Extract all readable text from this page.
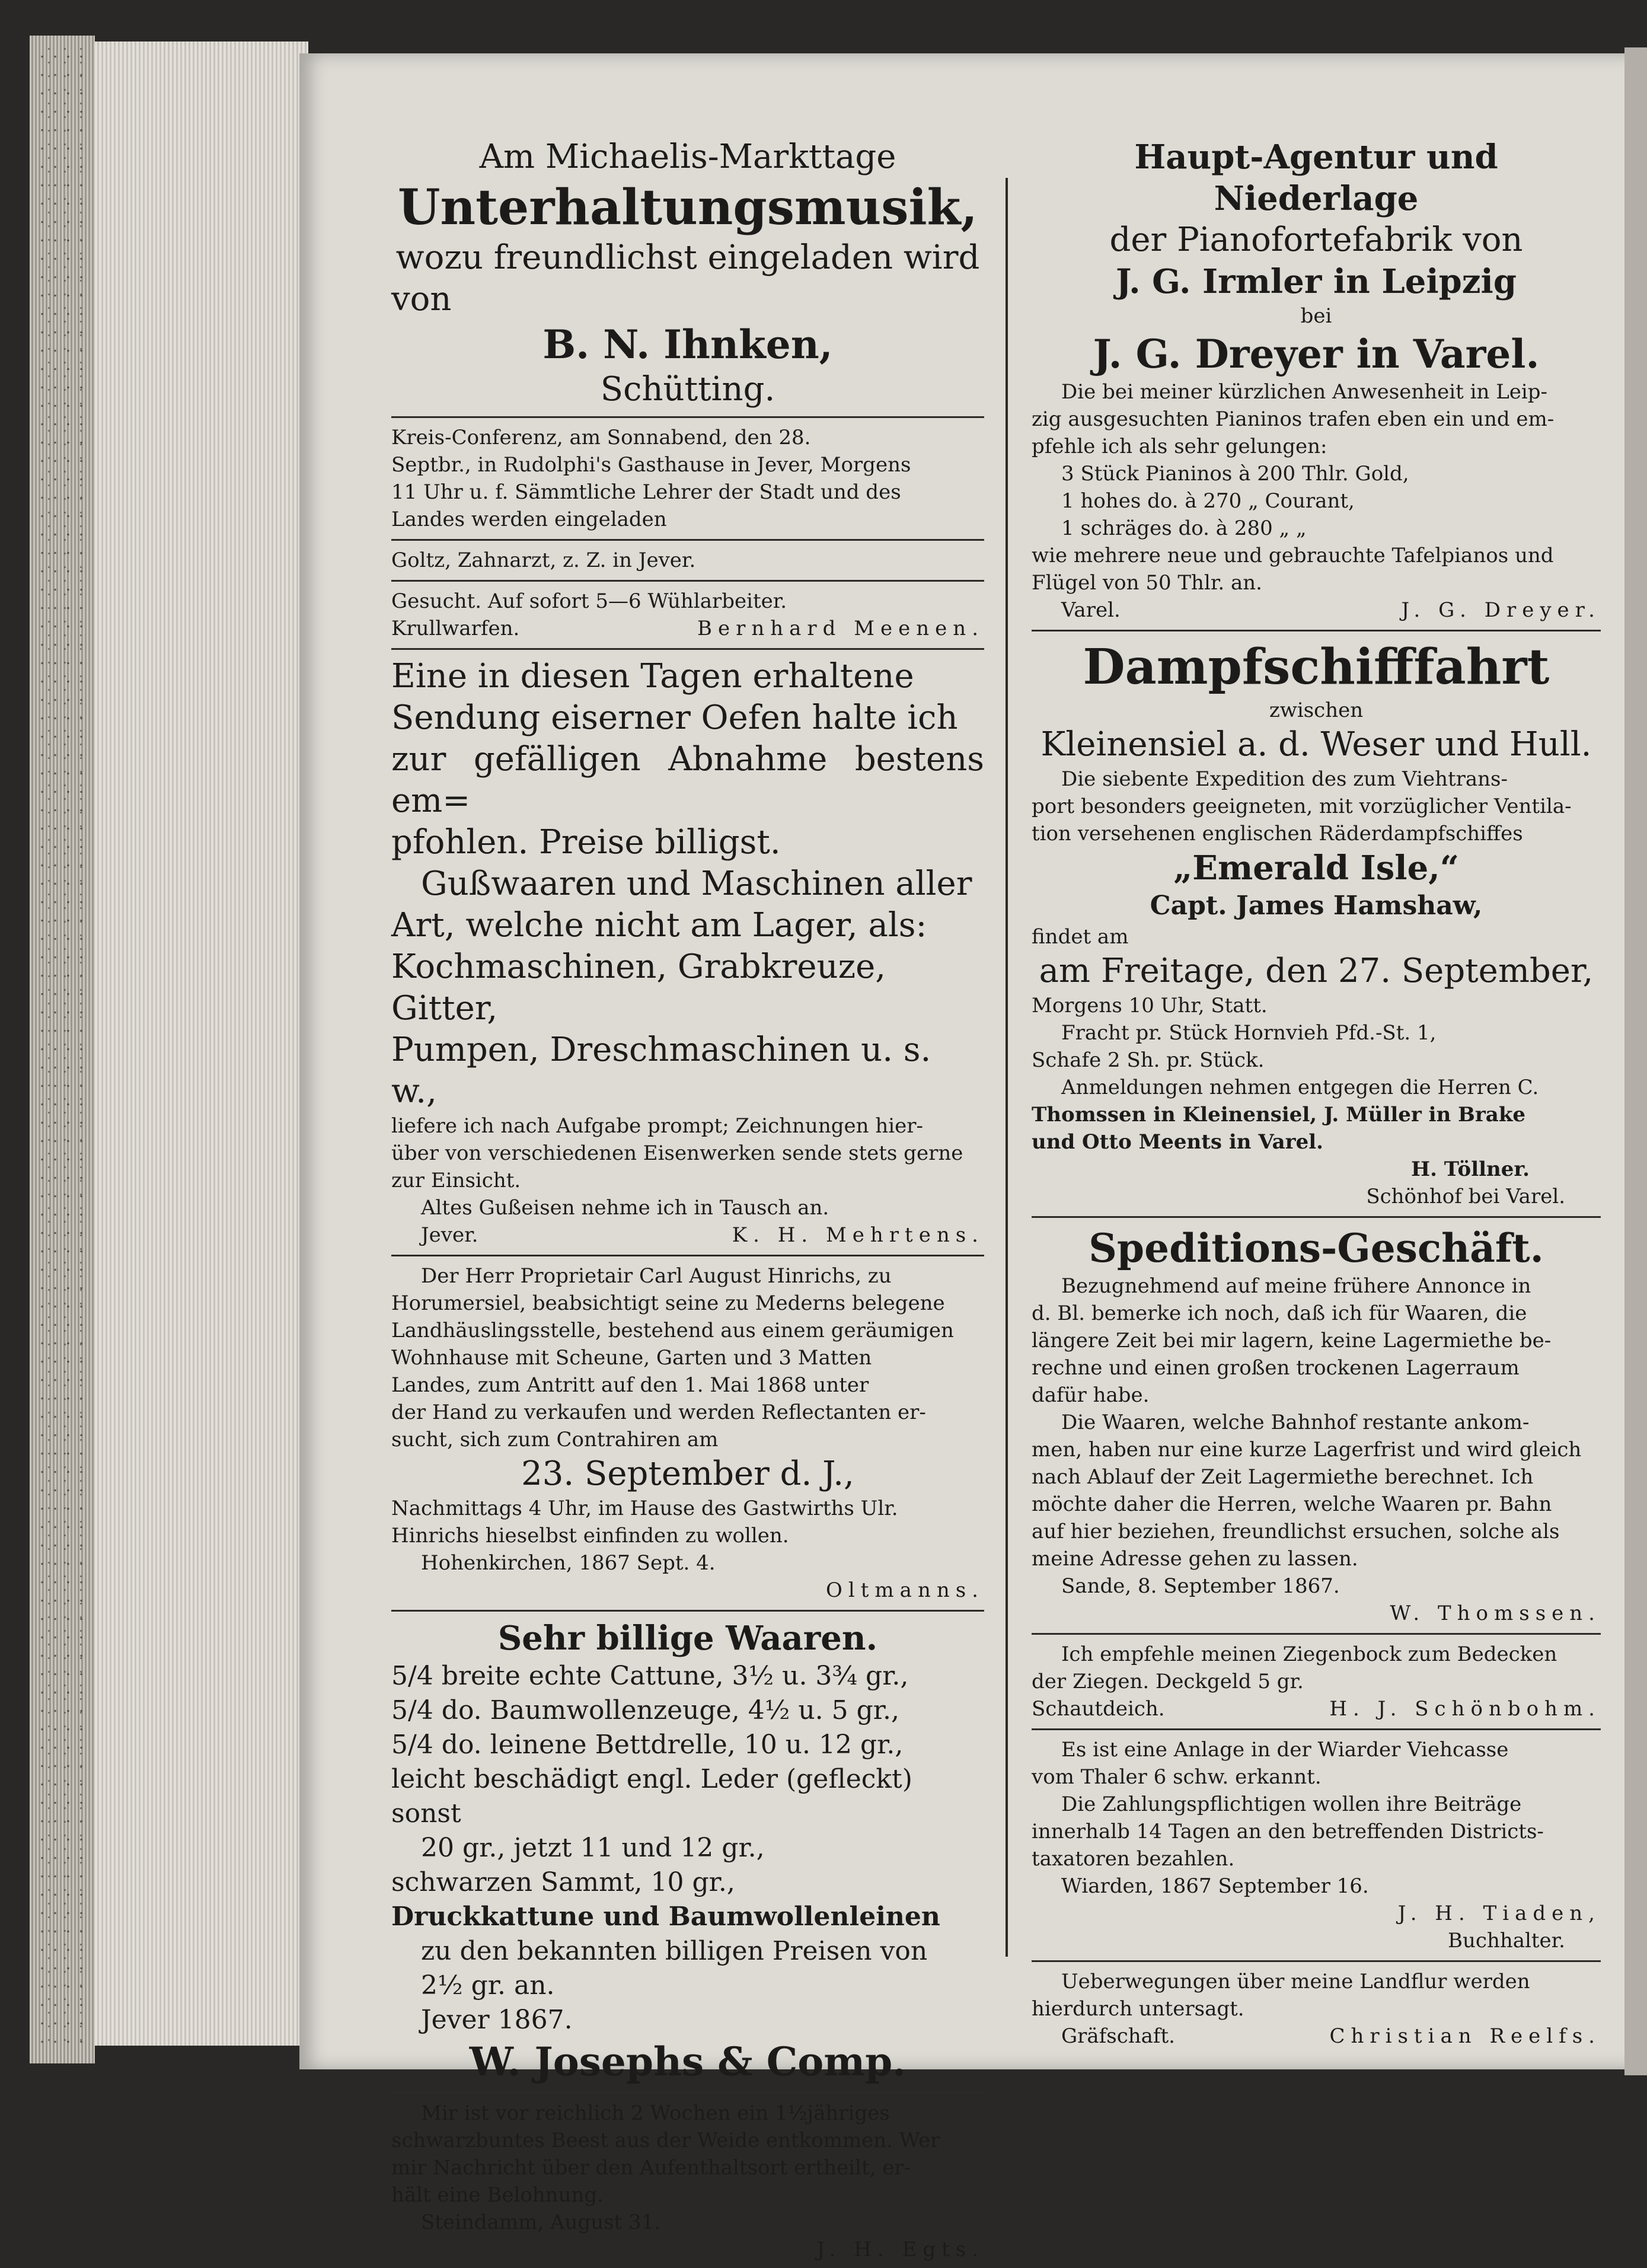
Am Michaelis-Markttage
Unterhaltungsmusik,
wozu freundlichst eingeladen wird
von
B. N. Ihnken,
Schütting.
Kreis-Conferenz, am Sonnabend, den 28.
Septbr., in Rudolphi's Gasthause in Jever, Morgens
11 Uhr u. f. Sämmtliche Lehrer der Stadt und des
Landes werden eingeladen
Goltz, Zahnarzt, z. Z. in Jever.
Gesucht. Auf sofort 5—6 Wühlarbeiter.
Krullwarfen.	Bernhard Meenen.
Eine in diesen Tagen erhaltene
Sendung eiserner Oefen halte ich
zur gefälligen Abnahme bestens em=
pfohlen. Preise billigst.
Gußwaaren und Maschinen aller
Art, welche nicht am Lager, als:
Kochmaschinen, Grabkreuze, Gitter,
Pumpen, Dreschmaschinen u. s. w.,
liefere ich nach Aufgabe prompt; Zeichnungen hier-
über von verschiedenen Eisenwerken sende stets gerne
zur Einsicht.
Altes Gußeisen nehme ich in Tausch an.
Jever.	K. H. Mehrtens.
Der Herr Proprietair Carl August Hinrichs, zu
Horumersiel, beabsichtigt seine zu Mederns belegene
Landhäuslingsstelle, bestehend aus einem geräumigen
Wohnhause mit Scheune, Garten und 3 Matten
Landes, zum Antritt auf den 1. Mai 1868 unter
der Hand zu verkaufen und werden Reflectanten er-
sucht, sich zum Contrahiren am
23. September d. J.,
Nachmittags 4 Uhr, im Hause des Gastwirths Ulr.
Hinrichs hieselbst einfinden zu wollen.
Hohenkirchen, 1867 Sept. 4.
Oltmanns.
Sehr billige Waaren.
5/4 breite echte Cattune, 3½ u. 3¾ gr.,
5/4 do. Baumwollenzeuge, 4½ u. 5 gr.,
5/4 do. leinene Bettdrelle, 10 u. 12 gr.,
leicht beschädigt engl. Leder (gefleckt) sonst
20 gr., jetzt 11 und 12 gr.,
schwarzen Sammt, 10 gr.,
Druckkattune und Baumwollenleinen
zu den bekannten billigen Preisen von
2½ gr. an.
Jever 1867.
W. Josephs & Comp.
Mir ist vor reichlich 2 Wochen ein 1½jähriges
schwarzbuntes Beest aus der Weide entkommen. Wer
mir Nachricht über den Aufenthaltsort ertheilt, er-
hält eine Belohnung.
Steindamm, August 31.
J. H. Egts.
Haupt-Agentur und Niederlage
der Pianofortefabrik von
J. G. Irmler in Leipzig
bei
J. G. Dreyer in Varel.
Die bei meiner kürzlichen Anwesenheit in Leip-
zig ausgesuchten Pianinos trafen eben ein und em-
pfehle ich als sehr gelungen:
3 Stück Pianinos à 200 Thlr. Gold,
1 hohes do. à 270 „ Courant,
1 schräges do. à 280 „ „
wie mehrere neue und gebrauchte Tafelpianos und
Flügel von 50 Thlr. an.
Varel.	J. G. Dreyer.
Dampfschifffahrt
zwischen
Kleinensiel a. d. Weser und Hull.
Die siebente Expedition des zum Viehtrans-
port besonders geeigneten, mit vorzüglicher Ventila-
tion versehenen englischen Räderdampfschiffes
„Emerald Isle,“
Capt. James Hamshaw,
findet am
am Freitage, den 27. September,
Morgens 10 Uhr, Statt.
Fracht pr. Stück Hornvieh Pfd.-St. 1,
Schafe 2 Sh. pr. Stück.
Anmeldungen nehmen entgegen die Herren C.
Thomssen in Kleinensiel, J. Müller in Brake
und Otto Meents in Varel.
H. Töllner.
Schönhof bei Varel.
Speditions-Geschäft.
Bezugnehmend auf meine frühere Annonce in
d. Bl. bemerke ich noch, daß ich für Waaren, die
längere Zeit bei mir lagern, keine Lagermiethe be-
rechne und einen großen trockenen Lagerraum
dafür habe.
Die Waaren, welche Bahnhof restante ankom-
men, haben nur eine kurze Lagerfrist und wird gleich
nach Ablauf der Zeit Lagermiethe berechnet. Ich
möchte daher die Herren, welche Waaren pr. Bahn
auf hier beziehen, freundlichst ersuchen, solche als
meine Adresse gehen zu lassen.
Sande, 8. September 1867.
W. Thomssen.
Ich empfehle meinen Ziegenbock zum Bedecken
der Ziegen. Deckgeld 5 gr.
Schautdeich.	H. J. Schönbohm.
Es ist eine Anlage in der Wiarder Viehcasse
vom Thaler 6 schw. erkannt.
Die Zahlungspflichtigen wollen ihre Beiträge
innerhalb 14 Tagen an den betreffenden Districts-
taxatoren bezahlen.
Wiarden, 1867 September 16.
J. H. Tiaden,
Buchhalter.
Ueberwegungen über meine Landflur werden
hierdurch untersagt.
Gräfschaft.	Christian Reelfs.
